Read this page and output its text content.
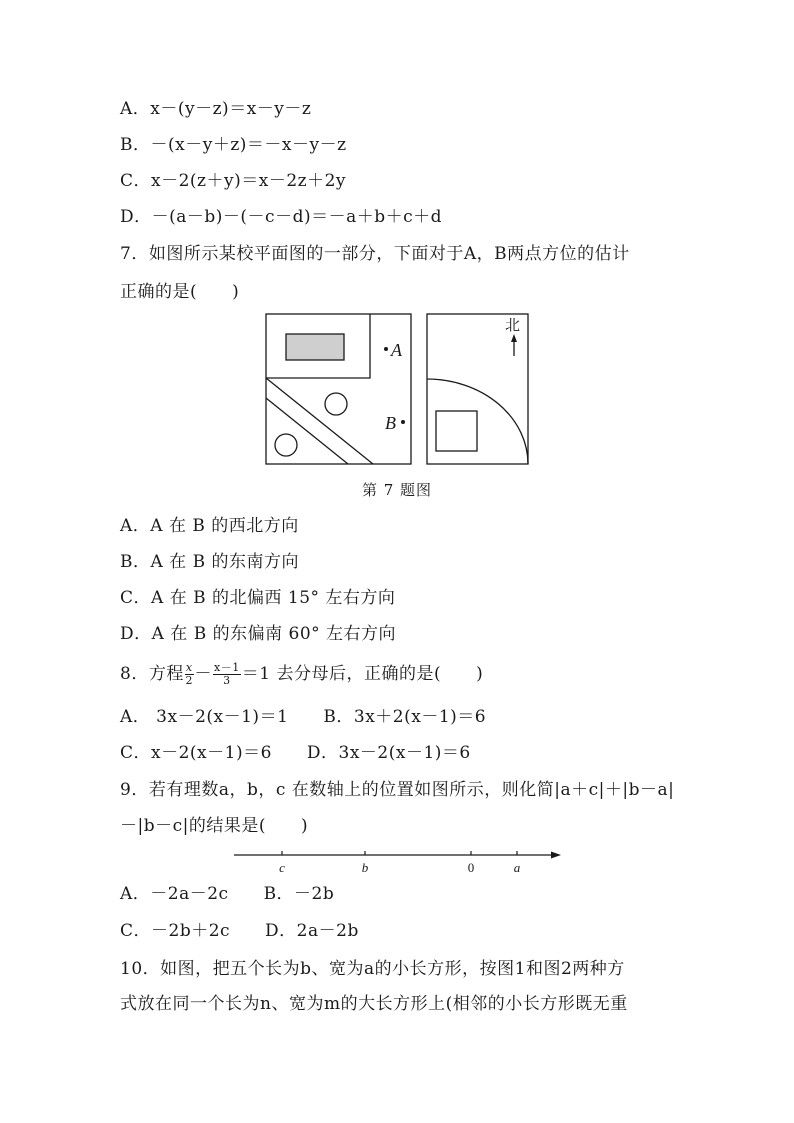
A．x－(y－z)＝x－y－z
B．－(x－y＋z)＝－x－y－z
C．x－2(z＋y)＝x－2z＋2y
D．－(a－b)－(－c－d)＝－a＋b＋c＋d
7．如图所示某校平面图的一部分，下面对于A，B两点方位的估计
正确的是(　　)
A
B
北
第 7 题图
A．A 在 B 的西北方向
B．A 在 B 的东南方向
C．A 在 B 的北偏西 15° 左右方向
D．A 在 B 的东偏南 60° 左右方向
8．方程 $\frac{x}{2} - \frac{x-1}{3} =1$ 去分母后，正确的是(　　)
A． 3x－2(x－1)＝1　　B．3x＋2(x－1)＝6
C．x－2(x－1)＝6　　D．3x－2(x－1)＝6
9．若有理数a，b，c 在数轴上的位置如图所示，则化简|a＋c|＋|b－a|
－|b－c|的结果是(　　)
c	b	0	a
A．－2a－2c　　B．－2b
C．－2b＋2c　　D．2a－2b
10．如图，把五个长为b、宽为a的小长方形，按图1和图2两种方
式放在同一个长为n、宽为m的大长方形上(相邻的小长方形既无重
